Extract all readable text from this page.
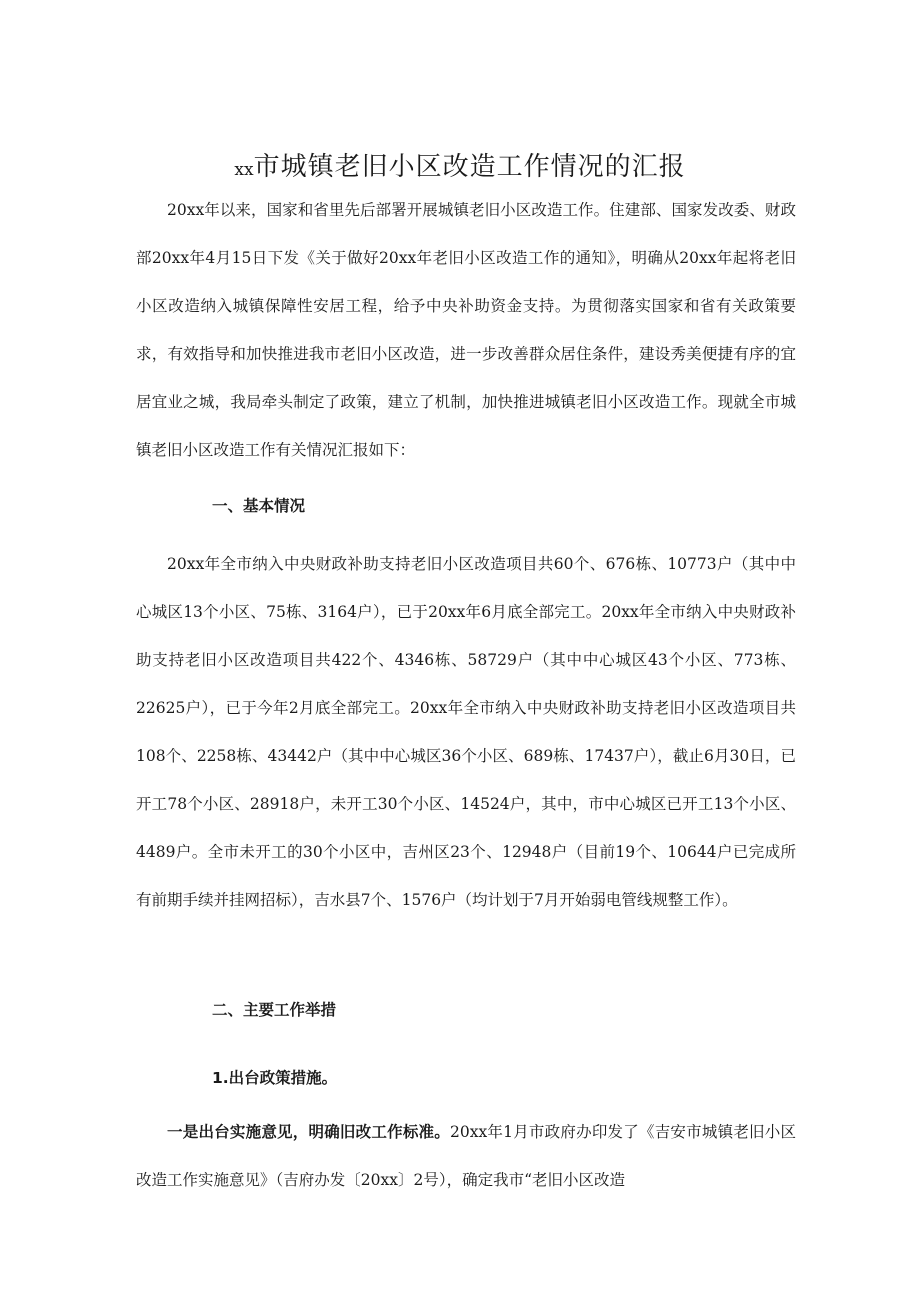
xx市城镇老旧小区改造工作情况的汇报

20xx年以来，国家和省里先后部署开展城镇老旧小区改造工作。住建部、国家发改委、财政部20xx年4月15日下发《关于做好20xx年老旧小区改造工作的通知》，明确从20xx年起将老旧小区改造纳入城镇保障性安居工程，给予中央补助资金支持。为贯彻落实国家和省有关政策要求，有效指导和加快推进我市老旧小区改造，进一步改善群众居住条件，建设秀美便捷有序的宜居宜业之城，我局牵头制定了政策，建立了机制，加快推进城镇老旧小区改造工作。现就全市城镇老旧小区改造工作有关情况汇报如下：

一、基本情况

20xx年全市纳入中央财政补助支持老旧小区改造项目共60个、676栋、10773户（其中中心城区13个小区、75栋、3164户），已于20xx年6月底全部完工。20xx年全市纳入中央财政补助支持老旧小区改造项目共422个、4346栋、58729户（其中中心城区43个小区、773栋、22625户），已于今年2月底全部完工。20xx年全市纳入中央财政补助支持老旧小区改造项目共108个、2258栋、43442户（其中中心城区36个小区、689栋、17437户），截止6月30日，已开工78个小区、28918户，未开工30个小区、14524户，其中，市中心城区已开工13个小区、4489户。全市未开工的30个小区中，吉州区23个、12948户（目前19个、10644户已完成所有前期手续并挂网招标），吉水县7个、1576户（均计划于7月开始弱电管线规整工作）。

二、主要工作举措

1.出台政策措施。

一是出台实施意见，明确旧改工作标准。20xx年1月市政府办印发了《吉安市城镇老旧小区改造工作实施意见》（吉府办发〔20xx〕2号），确定我市“老旧小区改造
